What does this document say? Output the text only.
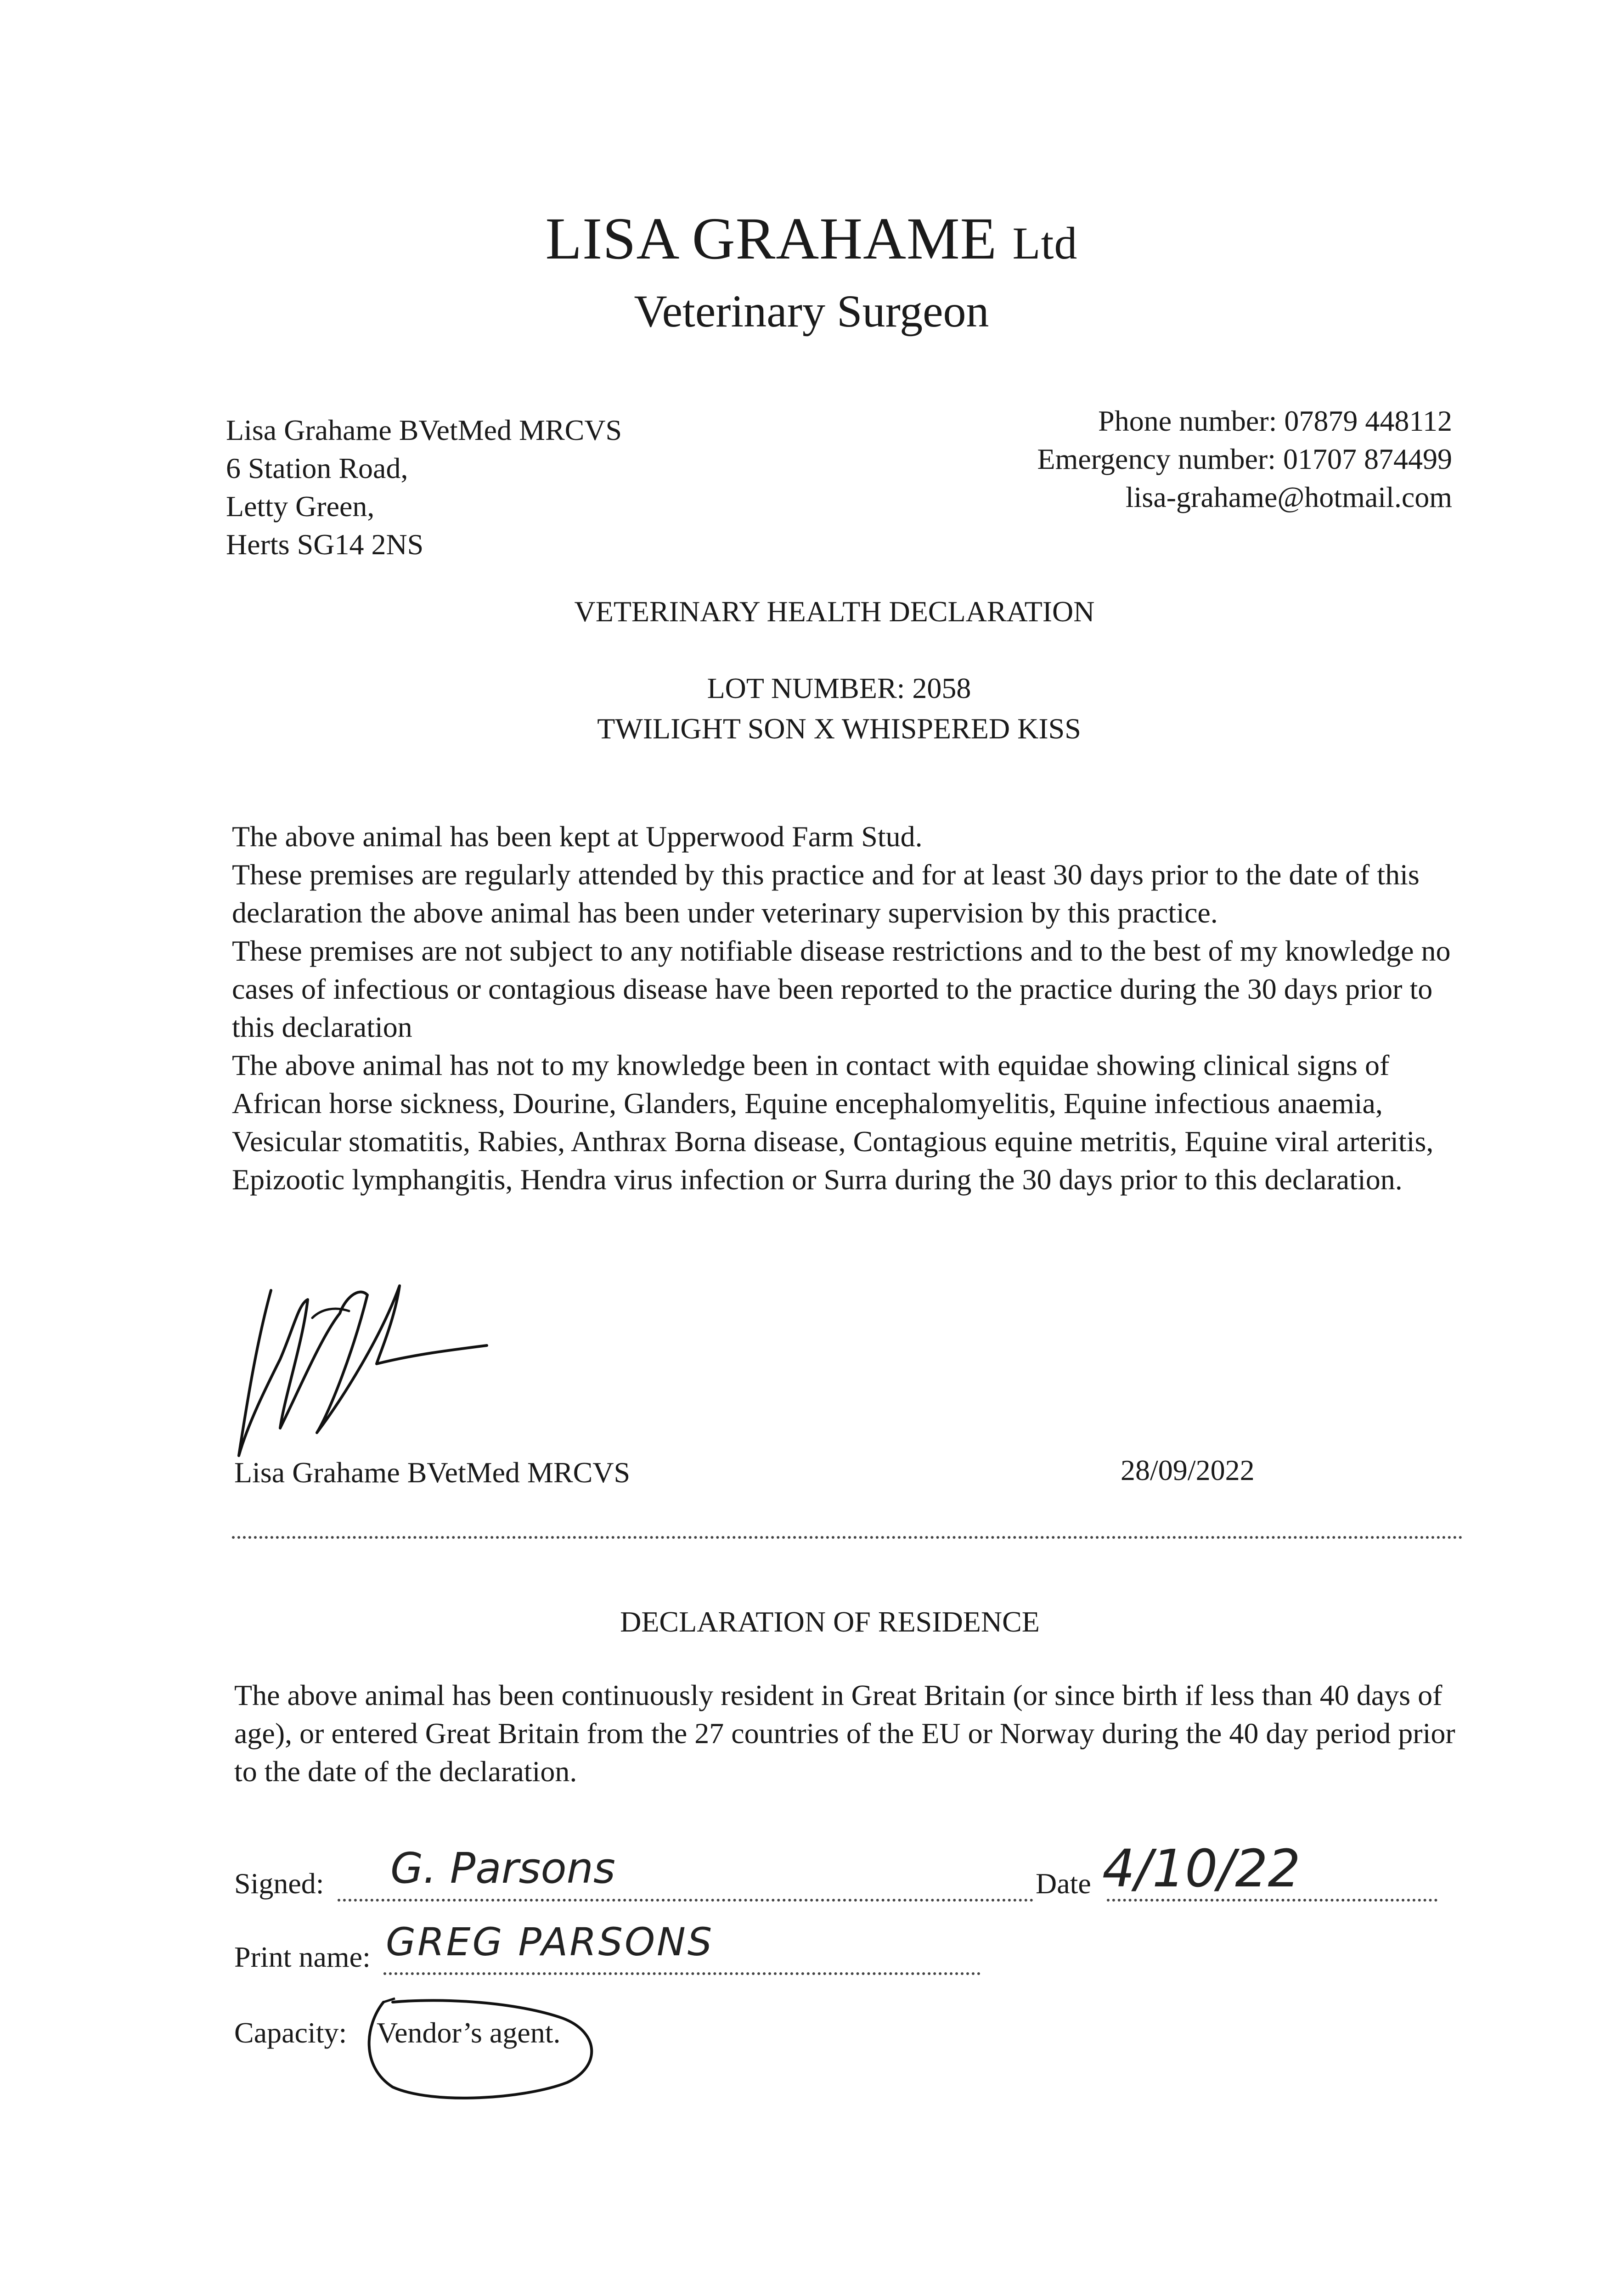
LISA GRAHAME Ltd
Veterinary Surgeon
Lisa Grahame BVetMed MRCVS
6 Station Road,
Letty Green,
Herts SG14 2NS
Phone number: 07879 448112
Emergency number: 01707 874499
lisa-grahame@hotmail.com
VETERINARY HEALTH DECLARATION
LOT NUMBER: 2058
TWILIGHT SON X WHISPERED KISS

The above animal has been kept at Upperwood Farm Stud.

These premises are regularly attended by this practice and for at least 30 days prior to the date of this declaration the above animal has been under veterinary supervision by this practice.

These premises are not subject to any notifiable disease restrictions and to the best of my knowledge no cases of infectious or contagious disease have been reported to the practice during the 30 days prior to this declaration

The above animal has not to my knowledge been in contact with equidae showing clinical signs of African horse sickness, Dourine, Glanders, Equine encephalomyelitis, Equine infectious anaemia, Vesicular stomatitis, Rabies, Anthrax Borna disease, Contagious equine metritis, Equine viral arteritis, Epizootic lymphangitis, Hendra virus infection or Surra during the 30 days prior to this declaration.

Lisa Grahame BVetMed MRCVS	28/09/2022
DECLARATION OF RESIDENCE
The above animal has been continuously resident in Great Britain (or since birth if less than 40 days of age), or entered Great Britain from the 27 countries of the EU or Norway during the 40 day period prior to the date of the declaration.
Signed: G. Parsons	Date 4/10/22
Print name: GREG PARSONS
Capacity: Vendor’s agent.
